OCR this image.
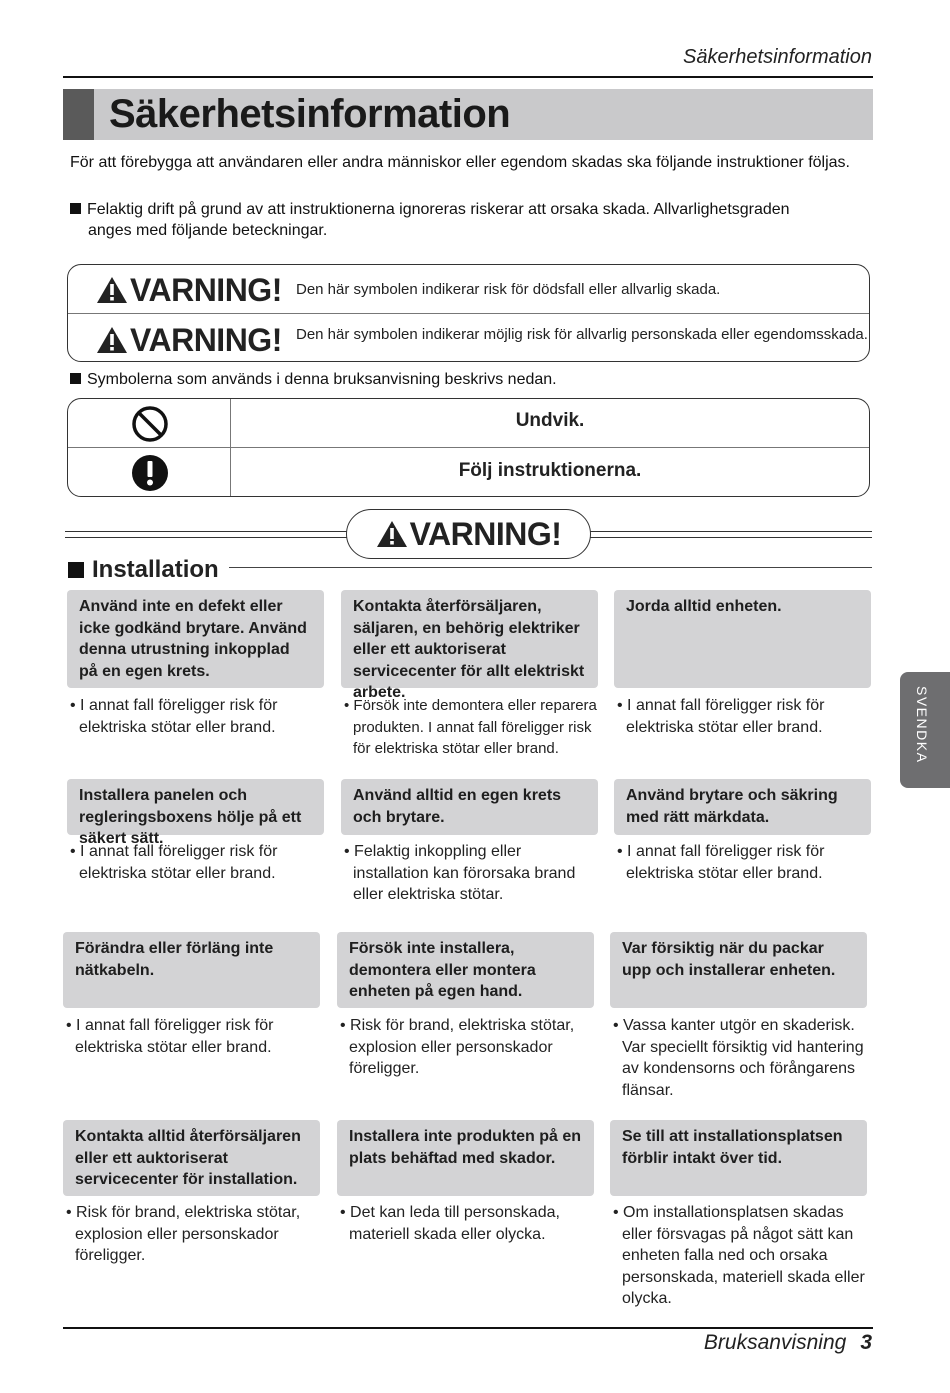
Säkerhetsinformation
Säkerhetsinformation
För att förebygga att användaren eller andra människor eller egendom skadas ska följande instruktioner följas.
Felaktig drift på grund av att instruktionerna ignoreras riskerar att orsaka skada. Allvarlighetsgraden
anges med följande beteckningar.
VARNING! Den här symbolen indikerar risk för dödsfall eller allvarlig skada.
VARNING! Den här symbolen indikerar möjlig risk för allvarlig personskada eller egendomsskada.
Symbolerna som används i denna bruksanvisning beskrivs nedan.
Undvik.
Följ instruktionerna.
VARNING!
Installation
Använd inte en defekt eller icke godkänd brytare. Använd denna utrustning inkopplad på en egen krets.
Kontakta återförsäljaren, säljaren, en behörig elektriker eller ett auktoriserat servicecenter för allt elektriskt arbete.
Jorda alltid enheten.
• I annat fall föreligger risk för elektriska stötar eller brand.
• Försök inte demontera eller reparera produkten. I annat fall föreligger risk för elektriska stötar eller brand.
• I annat fall föreligger risk för elektriska stötar eller brand.
Installera panelen och regleringsboxens hölje på ett säkert sätt.
Använd alltid en egen krets och brytare.
Använd brytare och säkring med rätt märkdata.
• I annat fall föreligger risk för elektriska stötar eller brand.
• Felaktig inkoppling eller installation kan förorsaka brand eller elektriska stötar.
• I annat fall föreligger risk för elektriska stötar eller brand.
Förändra eller förläng inte nätkabeln.
Försök inte installera, demontera eller montera enheten på egen hand.
Var försiktig när du packar upp och installerar enheten.
• I annat fall föreligger risk för elektriska stötar eller brand.
• Risk för brand, elektriska stötar, explosion eller personskador föreligger.
• Vassa kanter utgör en skaderisk. Var speciellt försiktig vid hantering av kondensorns och förångarens flänsar.
Kontakta alltid återförsäljaren eller ett auktoriserat servicecenter för installation.
Installera inte produkten på en plats behäftad med skador.
Se till att installationsplatsen förblir intakt över tid.
• Risk för brand, elektriska stötar, explosion eller personskador föreligger.
• Det kan leda till personskada, materiell skada eller olycka.
• Om installationsplatsen skadas eller försvagas på något sätt kan enheten falla ned och orsaka personskada, materiell skada eller olycka.
SVENDKA
Bruksanvisning 3
